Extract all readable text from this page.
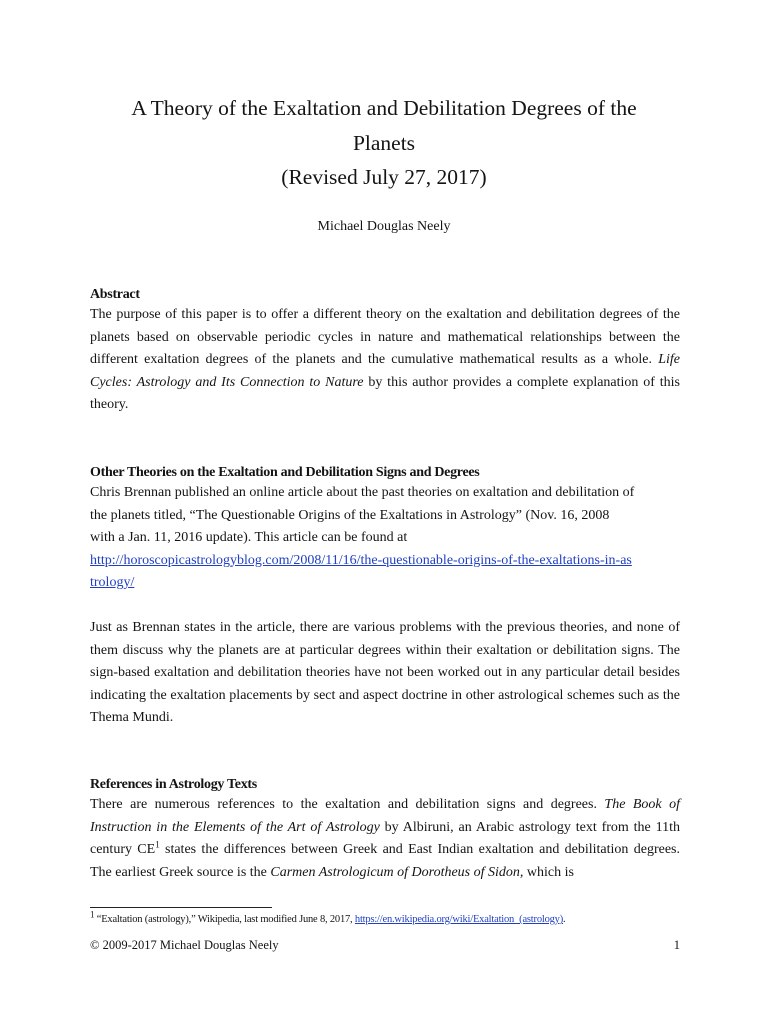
A Theory of the Exaltation and Debilitation Degrees of the
Planets
(Revised July 27, 2017)
Michael Douglas Neely
Abstract
The purpose of this paper is to offer a different theory on the exaltation and debilitation degrees of the planets based on observable periodic cycles in nature and mathematical relationships between the different exaltation degrees of the planets and the cumulative mathematical results as a whole. Life Cycles: Astrology and Its Connection to Nature by this author provides a complete explanation of this theory.
Other Theories on the Exaltation and Debilitation Signs and Degrees
Chris Brennan published an online article about the past theories on exaltation and debilitation of
the planets titled, “The Questionable Origins of the Exaltations in Astrology” (Nov. 16, 2008
with a Jan. 11, 2016 update). This article can be found at
http://horoscopicastrologyblog.com/2008/11/16/the-questionable-origins-of-the-exaltations-in-as
trology/
Just as Brennan states in the article, there are various problems with the previous theories, and none of them discuss why the planets are at particular degrees within their exaltation or debilitation signs. The sign-based exaltation and debilitation theories have not been worked out in any particular detail besides indicating the exaltation placements by sect and aspect doctrine in other astrological schemes such as the Thema Mundi.
References in Astrology Texts
There are numerous references to the exaltation and debilitation signs and degrees. The Book of Instruction in the Elements of the Art of Astrology by Albiruni, an Arabic astrology text from the 11th century $CE^1$ states the differences between Greek and East Indian exaltation and debilitation degrees. The earliest Greek source is the Carmen Astrologicum of Dorotheus of Sidon, which is
$^1$ “Exaltation (astrology),” Wikipedia, last modified June 8, 2017, https://en.wikipedia.org/wiki/Exaltation_(astrology).
© 2009-2017 Michael Douglas Neely	1
